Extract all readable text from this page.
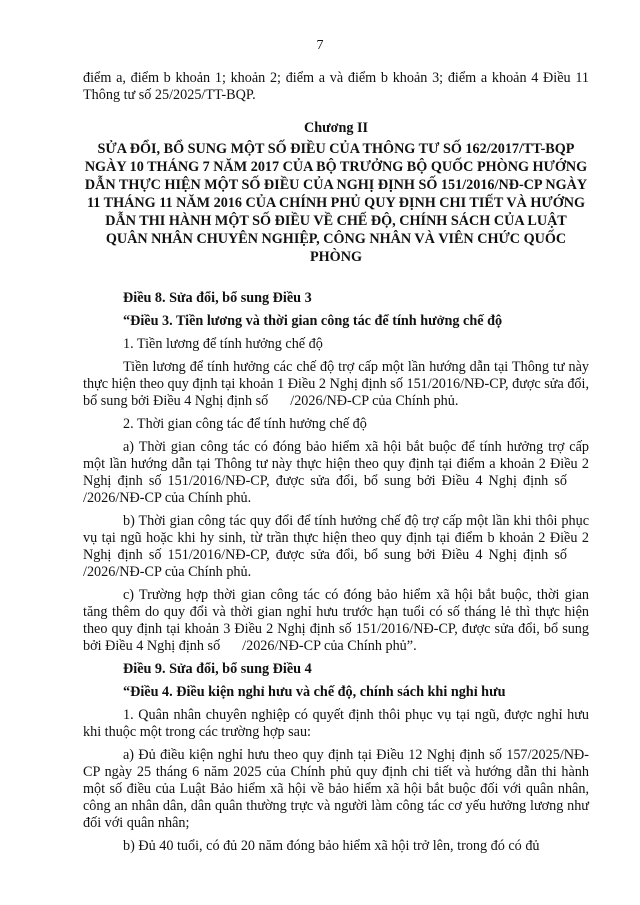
7

điểm a, điểm b khoản 1; khoản 2; điểm a và điểm b khoản 3; điểm a khoản 4 Điều 11 Thông tư số 25/2025/TT-BQP.

Chương II

SỬA ĐỔI, BỔ SUNG MỘT SỐ ĐIỀU CỦA THÔNG TƯ SỐ 162/2017/TT-BQP NGÀY 10 THÁNG 7 NĂM 2017 CỦA BỘ TRƯỞNG BỘ QUỐC PHÒNG HƯỚNG DẪN THỰC HIỆN MỘT SỐ ĐIỀU CỦA NGHỊ ĐỊNH SỐ 151/2016/NĐ-CP NGÀY 11 THÁNG 11 NĂM 2016 CỦA CHÍNH PHỦ QUY ĐỊNH CHI TIẾT VÀ HƯỚNG DẪN THI HÀNH MỘT SỐ ĐIỀU VỀ CHẾ ĐỘ, CHÍNH SÁCH CỦA LUẬT QUÂN NHÂN CHUYÊN NGHIỆP, CÔNG NHÂN VÀ VIÊN CHỨC QUỐC PHÒNG

Điều 8. Sửa đổi, bổ sung Điều 3

“Điều 3. Tiền lương và thời gian công tác để tính hưởng chế độ

1. Tiền lương để tính hưởng chế độ

Tiền lương để tính hưởng các chế độ trợ cấp một lần hướng dẫn tại Thông tư này thực hiện theo quy định tại khoản 1 Điều 2 Nghị định số 151/2016/NĐ-CP, được sửa đổi, bổ sung bởi Điều 4 Nghị định số /2026/NĐ-CP của Chính phủ.

2. Thời gian công tác để tính hưởng chế độ

a) Thời gian công tác có đóng bảo hiểm xã hội bắt buộc để tính hưởng trợ cấp một lần hướng dẫn tại Thông tư này thực hiện theo quy định tại điểm a khoản 2 Điều 2 Nghị định số 151/2016/NĐ-CP, được sửa đổi, bổ sung bởi Điều 4 Nghị định số/2026/NĐ-CP của Chính phủ.

b) Thời gian công tác quy đổi để tính hưởng chế độ trợ cấp một lần khi thôi phục vụ tại ngũ hoặc khi hy sinh, từ trần thực hiện theo quy định tại điểm b khoản 2 Điều 2 Nghị định số 151/2016/NĐ-CP, được sửa đổi, bổ sung bởi Điều 4 Nghị định số/2026/NĐ-CP của Chính phủ.

c) Trường hợp thời gian công tác có đóng bảo hiểm xã hội bắt buộc, thời gian tăng thêm do quy đổi và thời gian nghỉ hưu trước hạn tuổi có số tháng lẻ thì thực hiện theo quy định tại khoản 3 Điều 2 Nghị định số 151/2016/NĐ-CP, được sửa đổi, bổ sung bởi Điều 4 Nghị định số /2026/NĐ-CP của Chính phủ”.

Điều 9. Sửa đổi, bổ sung Điều 4

“Điều 4. Điều kiện nghỉ hưu và chế độ, chính sách khi nghỉ hưu

1. Quân nhân chuyên nghiệp có quyết định thôi phục vụ tại ngũ, được nghỉ hưu khi thuộc một trong các trường hợp sau:

a) Đủ điều kiện nghỉ hưu theo quy định tại Điều 12 Nghị định số 157/2025/NĐ-CP ngày 25 tháng 6 năm 2025 của Chính phủ quy định chi tiết và hướng dẫn thi hành một số điều của Luật Bảo hiểm xã hội về bảo hiểm xã hội bắt buộc đối với quân nhân, công an nhân dân, dân quân thường trực và người làm công tác cơ yếu hưởng lương như đối với quân nhân;

b) Đủ 40 tuổi, có đủ 20 năm đóng bảo hiểm xã hội trở lên, trong đó có đủ
